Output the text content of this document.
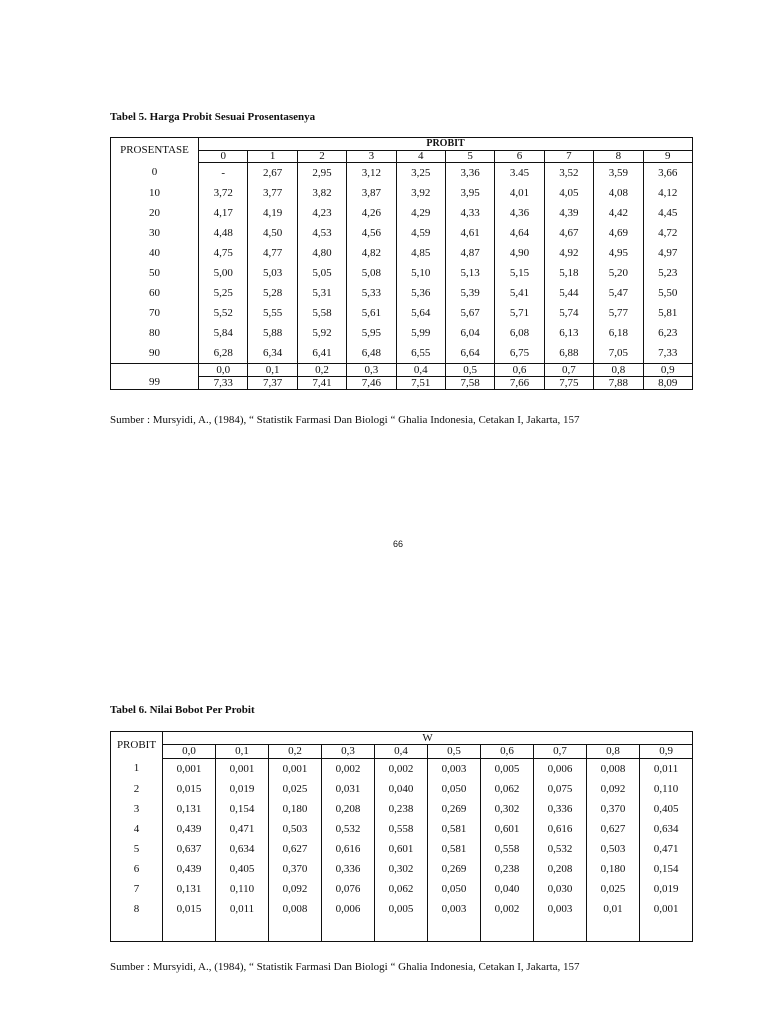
Tabel 5. Harga Probit Sesuai Prosentasenya
PROSENTASE	PROBIT									
	0	1	2	3	4	5	6	7	8	9
0	-	2,67	2,95	3,12	3,25	3,36	3.45	3,52	3,59	3,66
10	3,72	3,77	3,82	3,87	3,92	3,95	4,01	4,05	4,08	4,12
20	4,17	4,19	4,23	4,26	4,29	4,33	4,36	4,39	4,42	4,45
30	4,48	4,50	4,53	4,56	4,59	4,61	4,64	4,67	4,69	4,72
40	4,75	4,77	4,80	4,82	4,85	4,87	4,90	4,92	4,95	4,97
50	5,00	5,03	5,05	5,08	5,10	5,13	5,15	5,18	5,20	5,23
60	5,25	5,28	5,31	5,33	5,36	5,39	5,41	5,44	5,47	5,50
70	5,52	5,55	5,58	5,61	5,64	5,67	5,71	5,74	5,77	5,81
80	5,84	5,88	5,92	5,95	5,99	6,04	6,08	6,13	6,18	6,23
90	6,28	6,34	6,41	6,48	6,55	6,64	6,75	6,88	7,05	7,33
99	0,0	0,1	0,2	0,3	0,4	0,5	0,6	0,7	0,8	0,9
	7,33	7,37	7,41	7,46	7,51	7,58	7,66	7,75	7,88	8,09
Sumber : Mursyidi, A., (1984), “ Statistik Farmasi Dan Biologi “ Ghalia Indonesia, Cetakan I, Jakarta, 157
66
Tabel 6. Nilai Bobot Per Probit
PROBIT	W									
	0,0	0,1	0,2	0,3	0,4	0,5	0,6	0,7	0,8	0,9
1	0,001	0,001	0,001	0,002	0,002	0,003	0,005	0,006	0,008	0,011
2	0,015	0,019	0,025	0,031	0,040	0,050	0,062	0,075	0,092	0,110
3	0,131	0,154	0,180	0,208	0,238	0,269	0,302	0,336	0,370	0,405
4	0,439	0,471	0,503	0,532	0,558	0,581	0,601	0,616	0,627	0,634
5	0,637	0,634	0,627	0,616	0,601	0,581	0,558	0,532	0,503	0,471
6	0,439	0,405	0,370	0,336	0,302	0,269	0,238	0,208	0,180	0,154
7	0,131	0,110	0,092	0,076	0,062	0,050	0,040	0,030	0,025	0,019
8	0,015	0,011	0,008	0,006	0,005	0,003	0,002	0,003	0,01	0,001

Sumber : Mursyidi, A., (1984), “ Statistik Farmasi Dan Biologi “ Ghalia Indonesia, Cetakan I, Jakarta, 157
